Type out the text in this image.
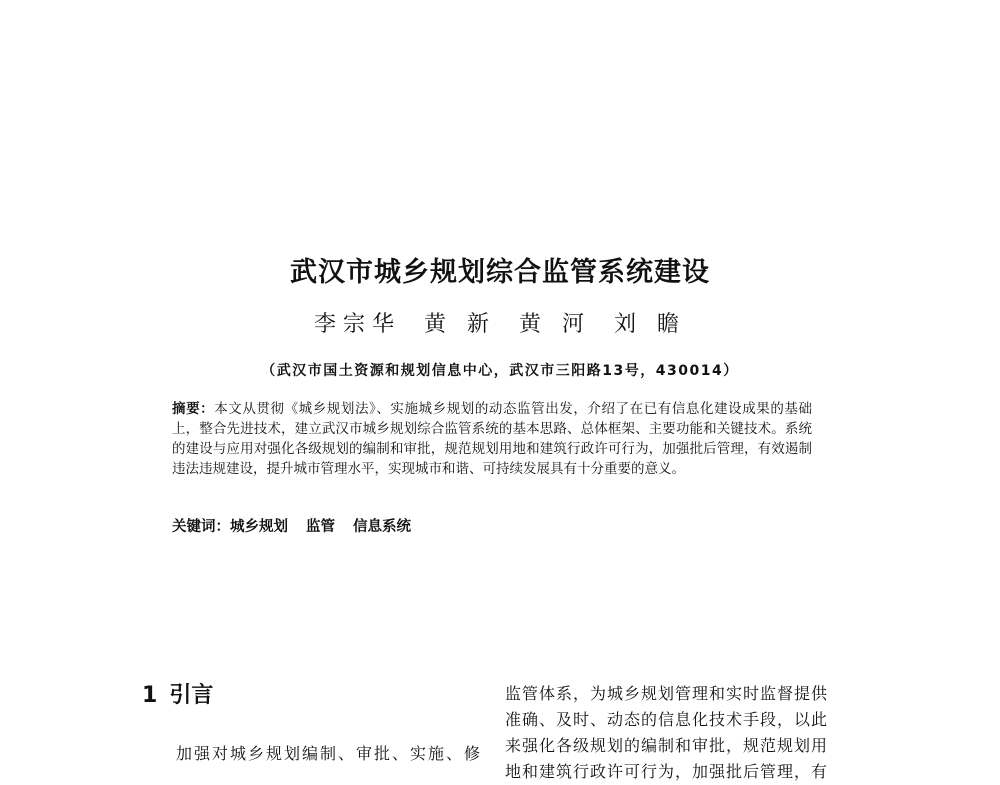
武汉市城乡规划综合监管系统建设
李宗华 黄 新 黄 河 刘 瞻
（武汉市国土资源和规划信息中心，武汉市三阳路13号，430014）
摘要：本文从贯彻《城乡规划法》、实施城乡规划的动态监管出发，介绍了在已有信息化建设成果的基础上，整合先进技术，建立武汉市城乡规划综合监管系统的基本思路、总体框架、主要功能和关键技术。系统的建设与应用对强化各级规划的编制和审批，规范规划用地和建筑行政许可行为，加强批后管理，有效遏制违法违规建设，提升城市管理水平，实现城市和谐、可持续发展具有十分重要的意义。
关键词：城乡规划 监管 信息系统
1 引言
加强对城乡规划编制、审批、实施、修
监管体系，为城乡规划管理和实时监督提供
准确、及时、动态的信息化技术手段，以此
来强化各级规划的编制和审批，规范规划用
地和建筑行政许可行为，加强批后管理，有
